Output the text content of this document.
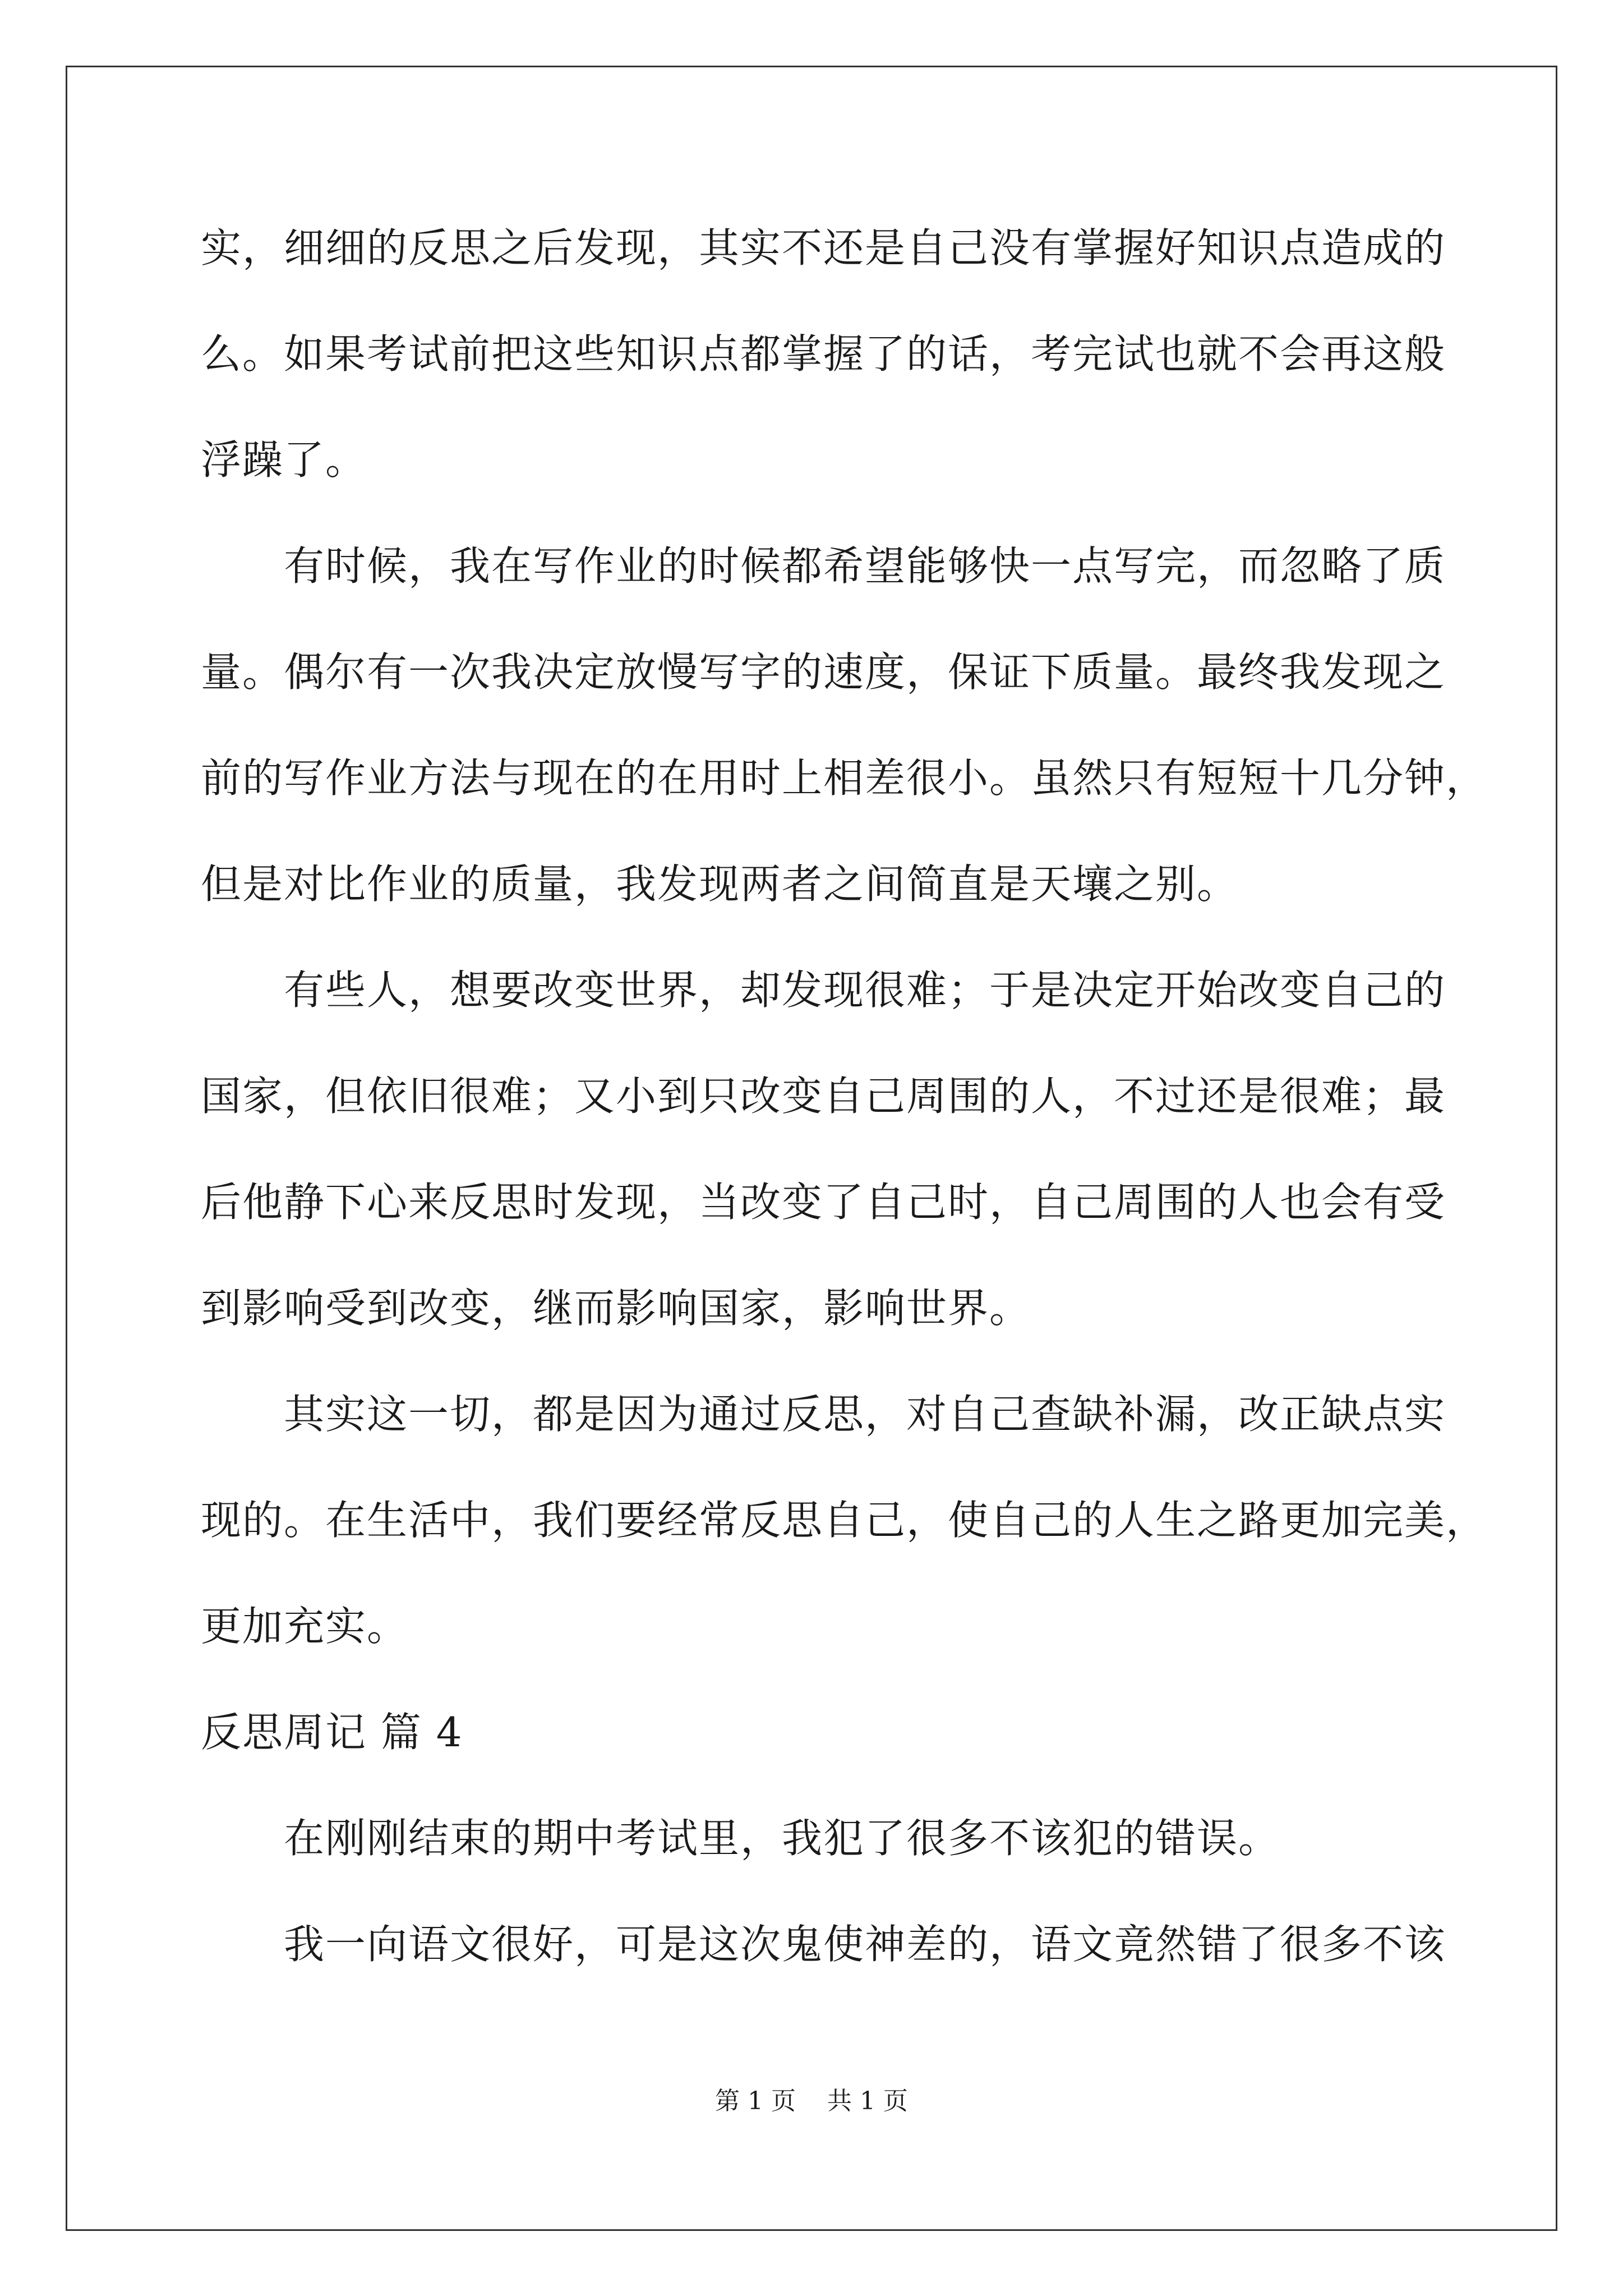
实，细细的反思之后发现，其实不还是自己没有掌握好知识点造成的
么。如果考试前把这些知识点都掌握了的话，考完试也就不会再这般
浮躁了。
有时候，我在写作业的时候都希望能够快一点写完，而忽略了质
量。偶尔有一次我决定放慢写字的速度，保证下质量。最终我发现之
前的写作业方法与现在的在用时上相差很小。虽然只有短短十几分钟，
但是对比作业的质量，我发现两者之间简直是天壤之别。
有些人，想要改变世界，却发现很难；于是决定开始改变自己的
国家，但依旧很难；又小到只改变自己周围的人，不过还是很难；最
后他静下心来反思时发现，当改变了自己时，自己周围的人也会有受
到影响受到改变，继而影响国家，影响世界。
其实这一切，都是因为通过反思，对自己查缺补漏，改正缺点实
现的。在生活中，我们要经常反思自己，使自己的人生之路更加完美，
更加充实。
反思周记 篇 4
在刚刚结束的期中考试里，我犯了很多不该犯的错误。
我一向语文很好，可是这次鬼使神差的，语文竟然错了很多不该
第 1 页    共 1 页
